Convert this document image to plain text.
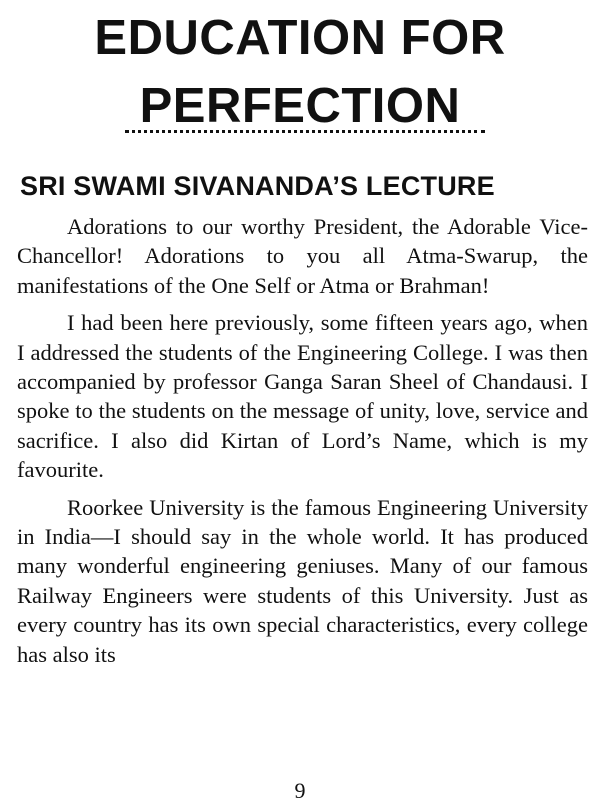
EDUCATION FOR
PERFECTION
SRI SWAMI SIVANANDA’S LECTURE

Adorations to our worthy President, the Adorable Vice-Chancellor! Adorations to you all Atma-Swarup, the manifestations of the One Self or Atma or Brahman!

I had been here previously, some fifteen years ago, when I addressed the students of the Engineering College. I was then accompanied by professor Ganga Saran Sheel of Chandausi. I spoke to the students on the message of unity, love, service and sacrifice. I also did Kirtan of Lord’s Name, which is my favourite.

Roorkee University is the famous Engineering University in India—I should say in the whole world. It has produced many wonderful engineering geniuses. Many of our famous Railway Engineers were students of this University. Just as every country has its own special characteristics, every college has also its

9
